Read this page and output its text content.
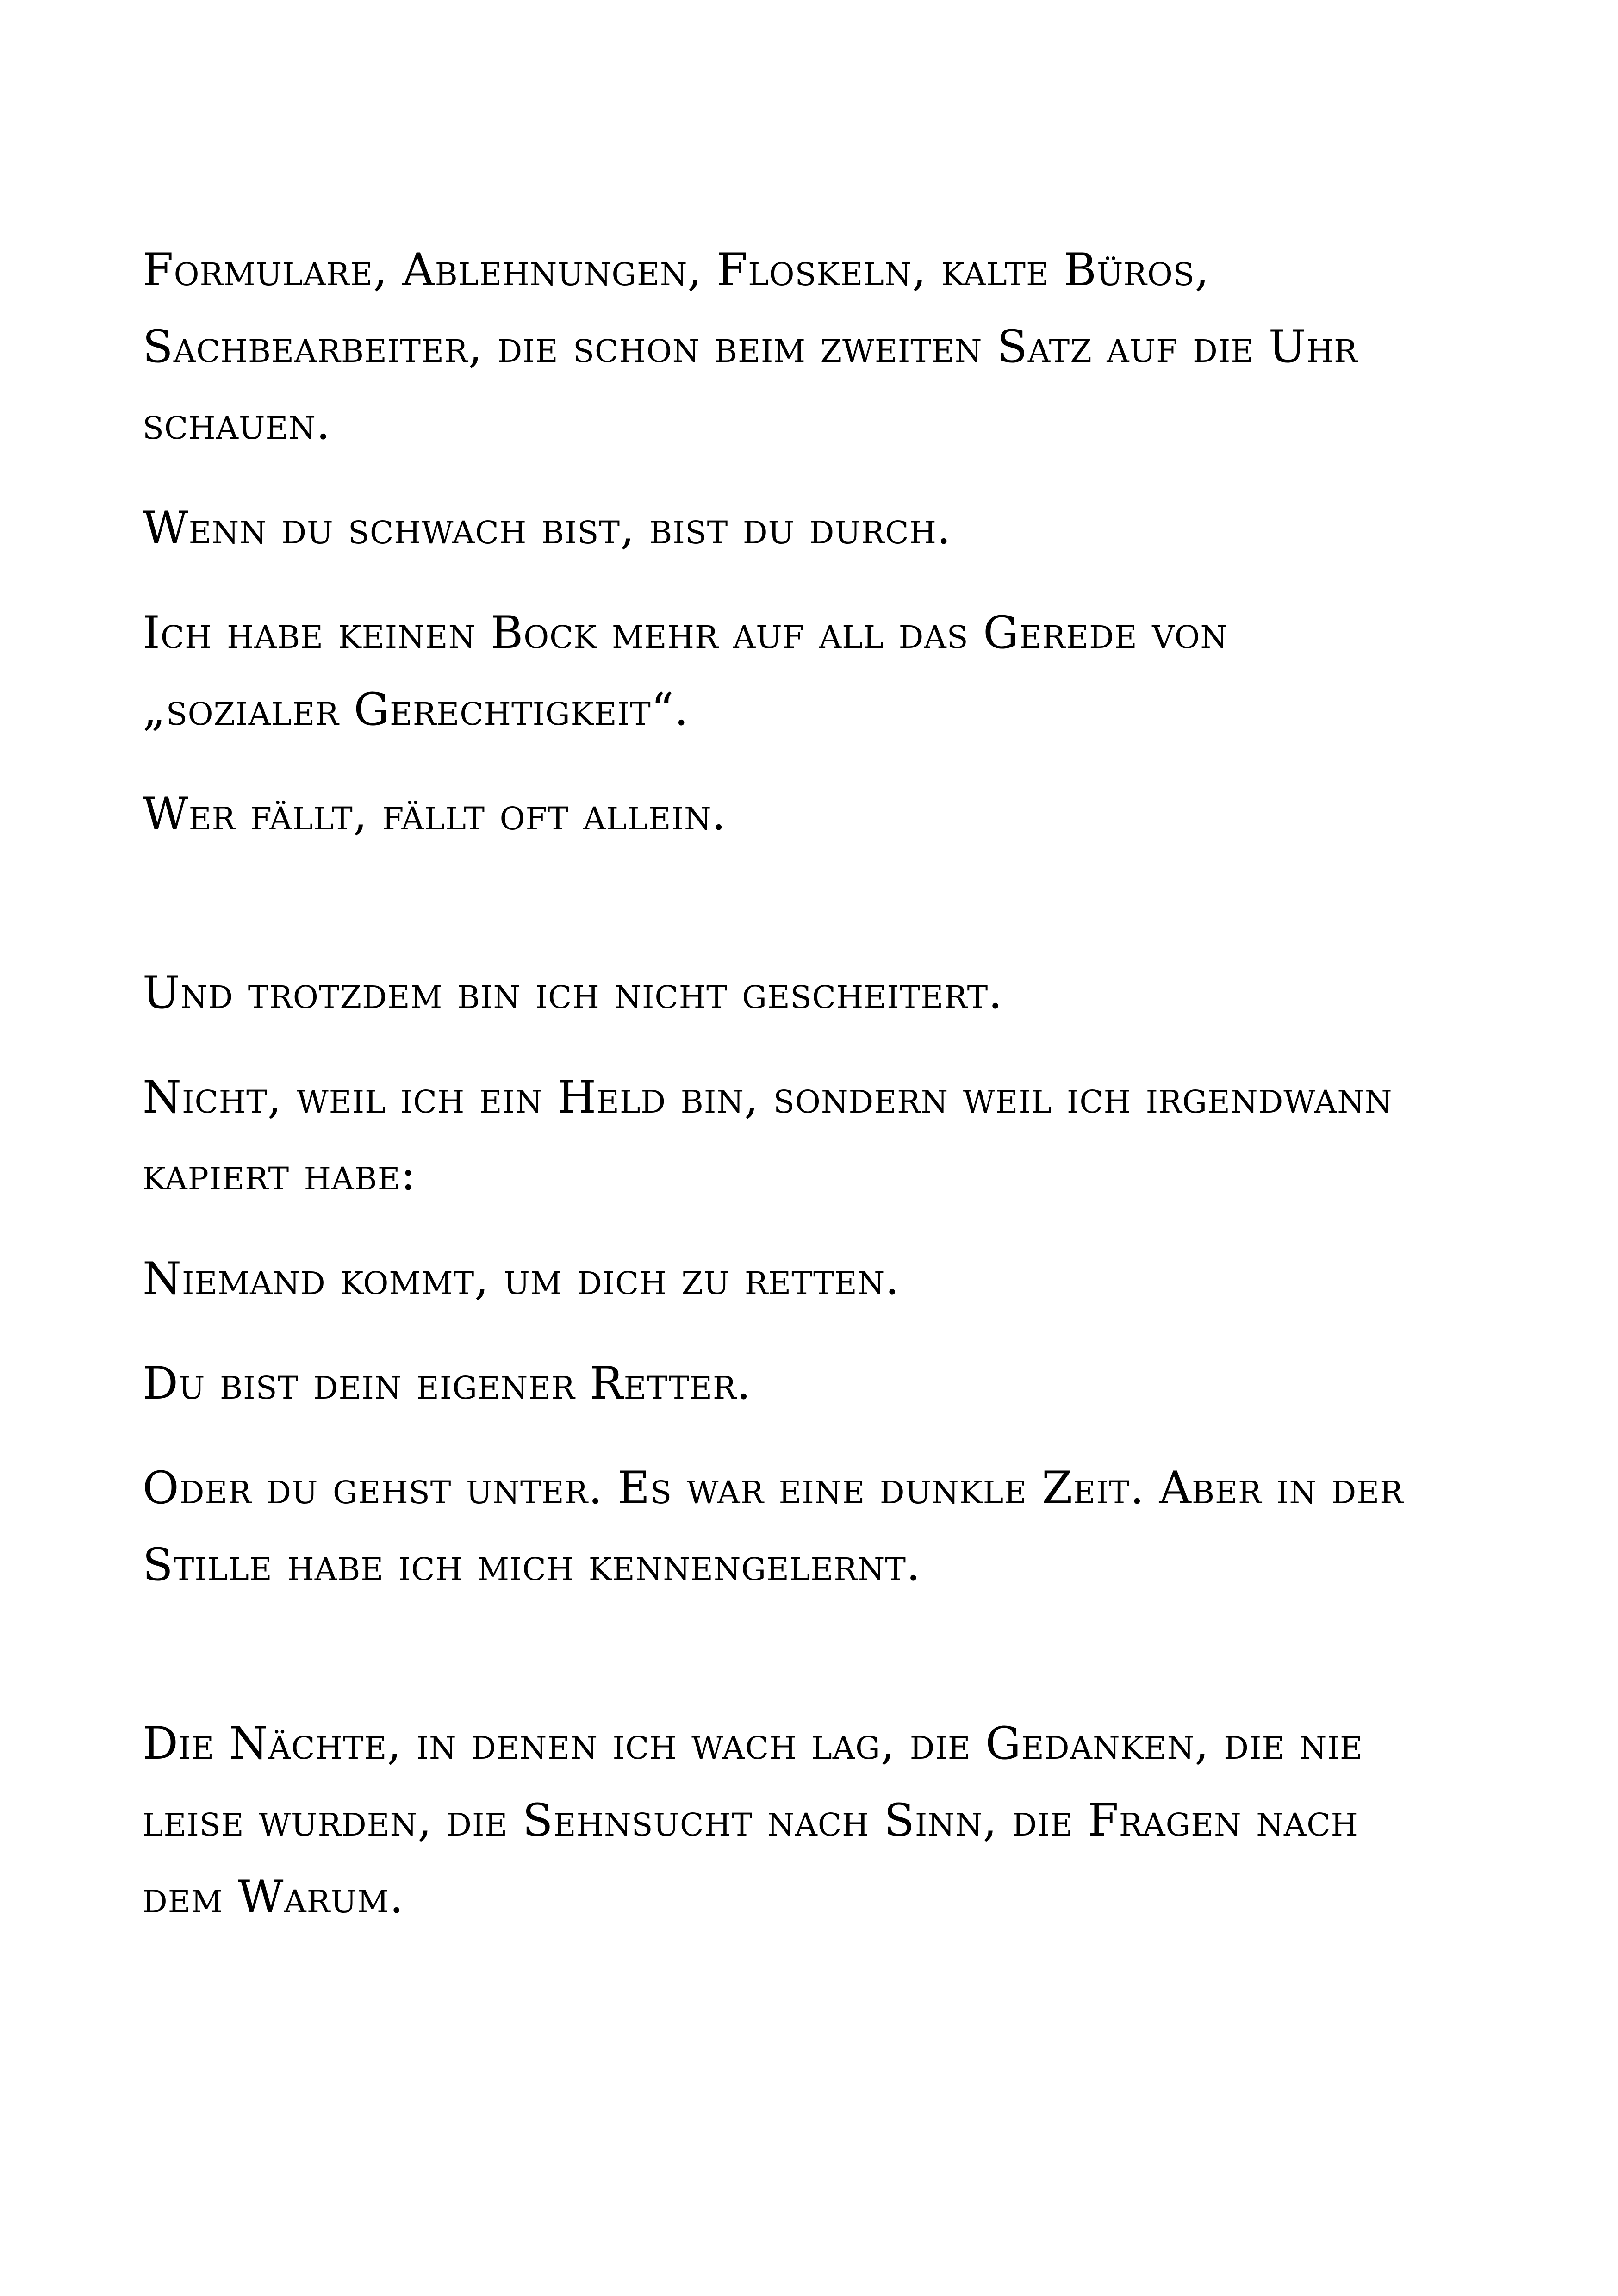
Formulare, Ablehnungen, Floskeln, kalte Büros, Sachbearbeiter, die schon beim zweiten Satz auf die Uhr schauen.

Wenn du schwach bist, bist du durch.

Ich habe keinen Bock mehr auf all das Gerede von „sozialer Gerechtigkeit“.

Wer fällt, fällt oft allein.

Und trotzdem bin ich nicht gescheitert.

Nicht, weil ich ein Held bin, sondern weil ich irgendwann kapiert habe:

Niemand kommt, um dich zu retten.

Du bist dein eigener Retter.

Oder du gehst unter. Es war eine dunkle Zeit. Aber in der Stille habe ich mich kennengelernt.

Die Nächte, in denen ich wach lag, die Gedanken, die nie leise wurden, die Sehnsucht nach Sinn, die Fragen nach dem Warum.
